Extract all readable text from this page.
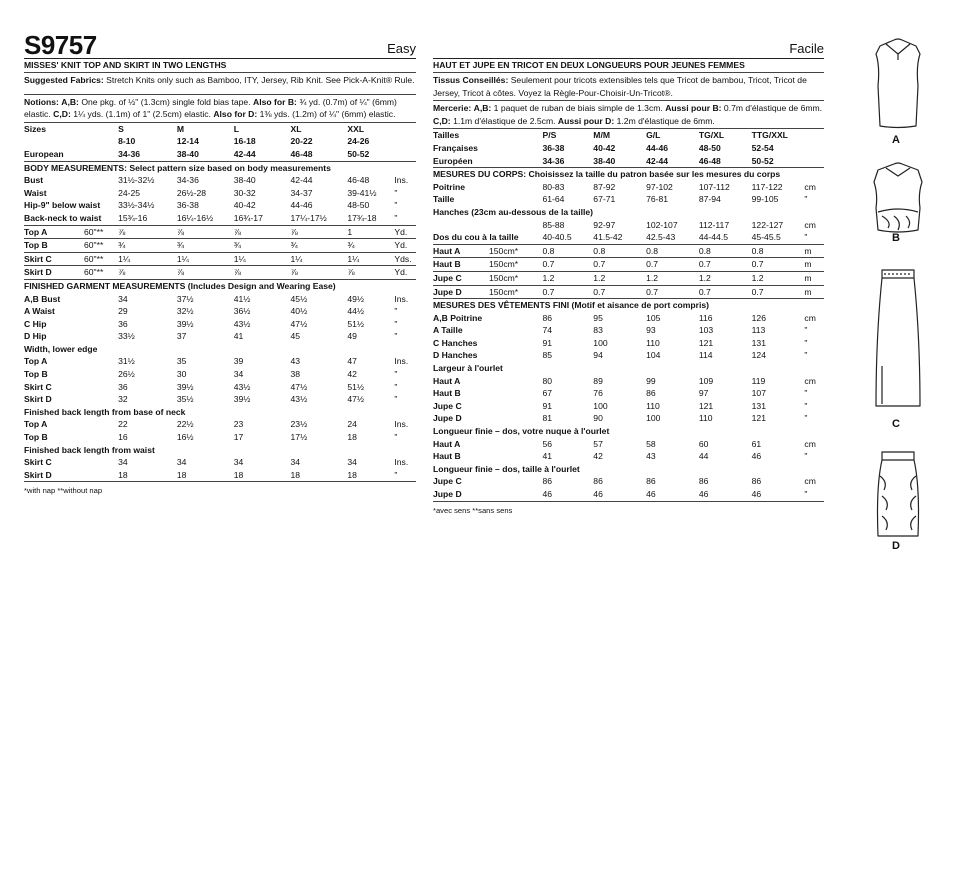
S9757	Easy
MISSES' KNIT TOP AND SKIRT IN TWO LENGTHS
Suggested Fabrics: Stretch Knits only such as Bamboo, ITY, Jersey, Rib Knit. See Pick-A-Knit® Rule.
Notions: A,B: One pkg. of ½" (1.3cm) single fold bias tape. Also for B: ¾ yd. (0.7m) of ¼" (6mm) elastic. C,D: 1¼ yds. (1.1m) of 1" (2.5cm) elastic. Also for D: 1⅜ yds. (1.2m) of ¼" (6mm) elastic.
Sizes	S	M	L	XL	XXL	
	8-10	12-14	16-18	20-22	24-26	
European	34-36	38-40	42-44	46-48	50-52	
BODY MEASUREMENTS: Select pattern size based on body measurements						
Bust	31½-32½	34-36	38-40	42-44	46-48	Ins.
Waist	24-25	26½-28	30-32	34-37	39-41½	"
Hip-9" below waist	33½-34½	36-38	40-42	44-46	48-50	"
Back-neck to waist	15¾-16	16¼-16½	16¾-17	17¼-17½	17¾-18	"
Top A 60"**	⅞	⅞	⅞	⅞	1	Yd.
Top B 60"**	¾	¾	¾	¾	¾	Yd.
Skirt C 60"**	1¼	1¼	1¼	1¼	1¼	Yds.
Skirt D 60"**	⅞	⅞	⅞	⅞	⅞	Yd.
FINISHED GARMENT MEASUREMENTS (Includes Design and Wearing Ease)						
A,B Bust	34	37½	41½	45½	49½	Ins.
A Waist	29	32½	36½	40½	44½	"
C Hip	36	39½	43½	47½	51½	"
D Hip	33½	37	41	45	49	"
Width, lower edge						
Top A	31½	35	39	43	47	Ins.
Top B	26½	30	34	38	42	"
Skirt C	36	39½	43½	47½	51½	"
Skirt D	32	35½	39½	43½	47½	"
Finished back length from base of neck						
Top A	22	22½	23	23½	24	Ins.
Top B	16	16½	17	17½	18	"
Finished back length from waist						
Skirt C	34	34	34	34	34	Ins.
Skirt D	18	18	18	18	18	"
*with nap **without nap
Facile
HAUT ET JUPE EN TRICOT EN DEUX LONGUEURS POUR JEUNES FEMMES
Tissus Conseillés: Seulement pour tricots extensibles tels que Tricot de bambou, Tricot, Tricot de Jersey, Tricot à côtes. Voyez la Règle-Pour-Choisir-Un-Tricot®.
Mercerie: A,B: 1 paquet de ruban de biais simple de 1.3cm. Aussi pour B: 0.7m d'élastique de 6mm. C,D: 1.1m d'élastique de 2.5cm. Aussi pour D: 1.2m d'élastique de 6mm.
Tailles	P/S	M/M	G/L	TG/XL	TTG/XXL	
Françaises	36-38	40-42	44-46	48-50	52-54	
Européen	34-36	38-40	42-44	46-48	50-52	
MESURES DU CORPS: Choisissez la taille du patron basée sur les mesures du corps						
Poitrine	80-83	87-92	97-102	107-112	117-122	cm
Taille	61-64	67-71	76-81	87-94	99-105	"
Hanches (23cm au-dessous de la taille)						
	85-88	92-97	102-107	112-117	122-127	cm
Dos du cou à la taille	40-40.5	41.5-42	42.5-43	44-44.5	45-45.5	"
Haut A 150cm*	0.8	0.8	0.8	0.8	0.8	m
Haut B 150cm*	0.7	0.7	0.7	0.7	0.7	m
Jupe C 150cm*	1.2	1.2	1.2	1.2	1.2	m
Jupe D 150cm*	0.7	0.7	0.7	0.7	0.7	m
MESURES DES VÊTEMENTS FINI (Motif et aisance de port compris)						
A,B Poitrine	86	95	105	116	126	cm
A Taille	74	83	93	103	113	"
C Hanches	91	100	110	121	131	"
D Hanches	85	94	104	114	124	"
Largeur à l'ourlet						
Haut A	80	89	99	109	119	cm
Haut B	67	76	86	97	107	"
Jupe C	91	100	110	121	131	"
Jupe D	81	90	100	110	121	"
Longueur finie – dos, votre nuque à l'ourlet						
Haut A	56	57	58	60	61	cm
Haut B	41	42	43	44	46	"
Longueur finie – dos, taille à l'ourlet						
Jupe C	86	86	86	86	86	cm
Jupe D	46	46	46	46	46	"
*avec sens **sans sens
A
B
C
D
